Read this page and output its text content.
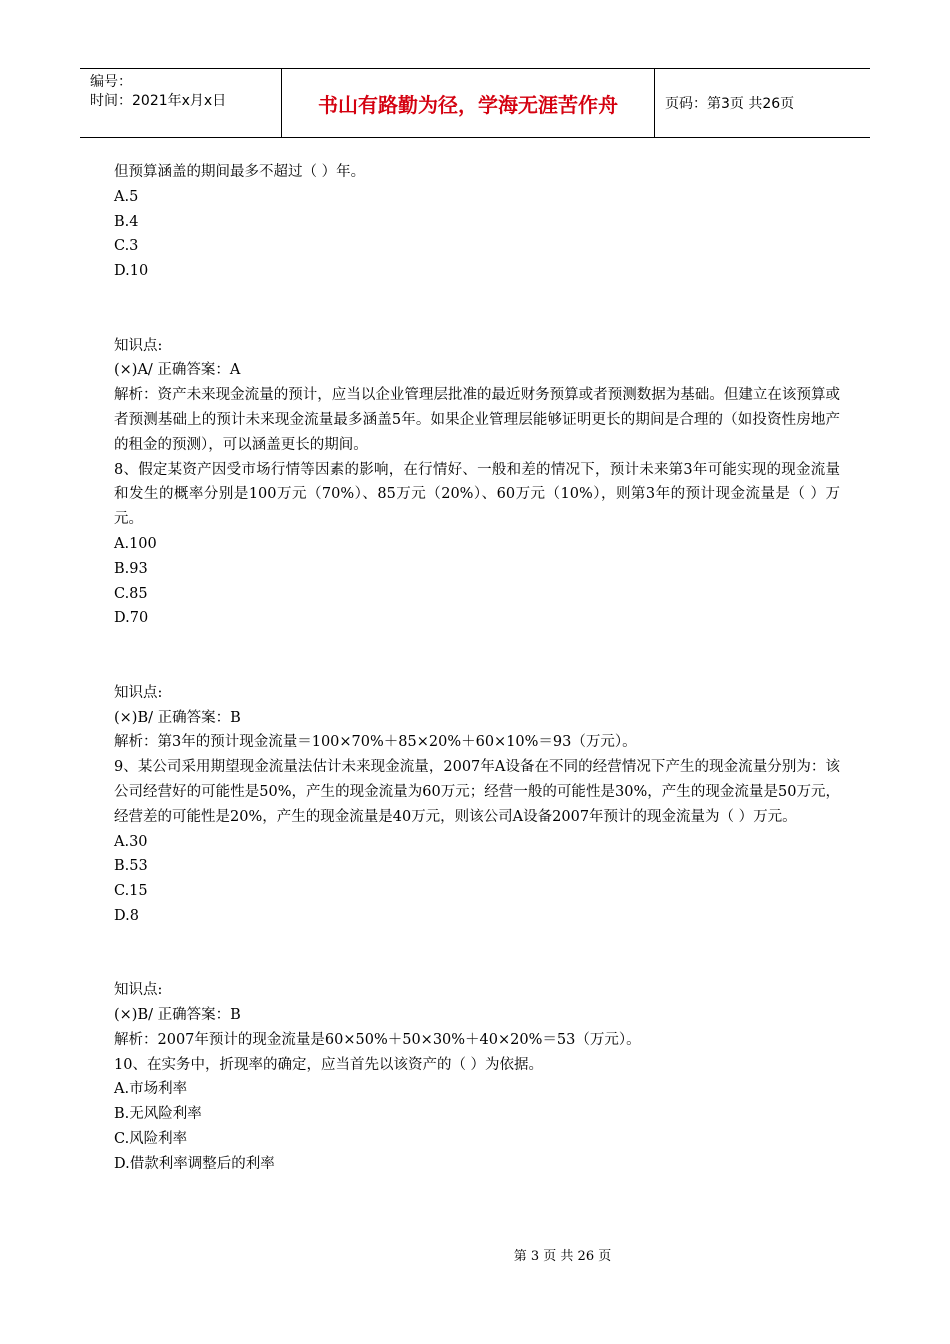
编号：
时间：2021年x月x日	书山有路勤为径，学海无涯苦作舟	页码：第3页 共26页
但预算涵盖的期间最多不超过（ ）年。
A.5
B.4
C.3
D.10
知识点:
(×)A/ 正确答案：A
解析：资产未来现金流量的预计，应当以企业管理层批准的最近财务预算或者预测数据为基础。但建立在该预算或者预测基础上的预计未来现金流量最多涵盖5年。如果企业管理层能够证明更长的期间是合理的（如投资性房地产的租金的预测），可以涵盖更长的期间。
8、假定某资产因受市场行情等因素的影响，在行情好、一般和差的情况下，预计未来第3年可能实现的现金流量和发生的概率分别是100万元（70%）、85万元（20%）、60万元（10%），则第3年的预计现金流量是（ ）万元。
A.100
B.93
C.85
D.70
知识点:
(×)B/ 正确答案：B
解析：第3年的预计现金流量＝100×70%＋85×20%＋60×10%＝93（万元）。
9、某公司采用期望现金流量法估计未来现金流量，2007年A设备在不同的经营情况下产生的现金流量分别为：该公司经营好的可能性是50%，产生的现金流量为60万元；经营一般的可能性是30%，产生的现金流量是50万元，经营差的可能性是20%，产生的现金流量是40万元，则该公司A设备2007年预计的现金流量为（ ）万元。
A.30
B.53
C.15
D.8
知识点:
(×)B/ 正确答案：B
解析：2007年预计的现金流量是60×50%＋50×30%＋40×20%＝53（万元）。
10、在实务中，折现率的确定，应当首先以该资产的（ ）为依据。
A.市场利率
B.无风险利率
C.风险利率
D.借款利率调整后的利率
第 3 页 共 26 页
